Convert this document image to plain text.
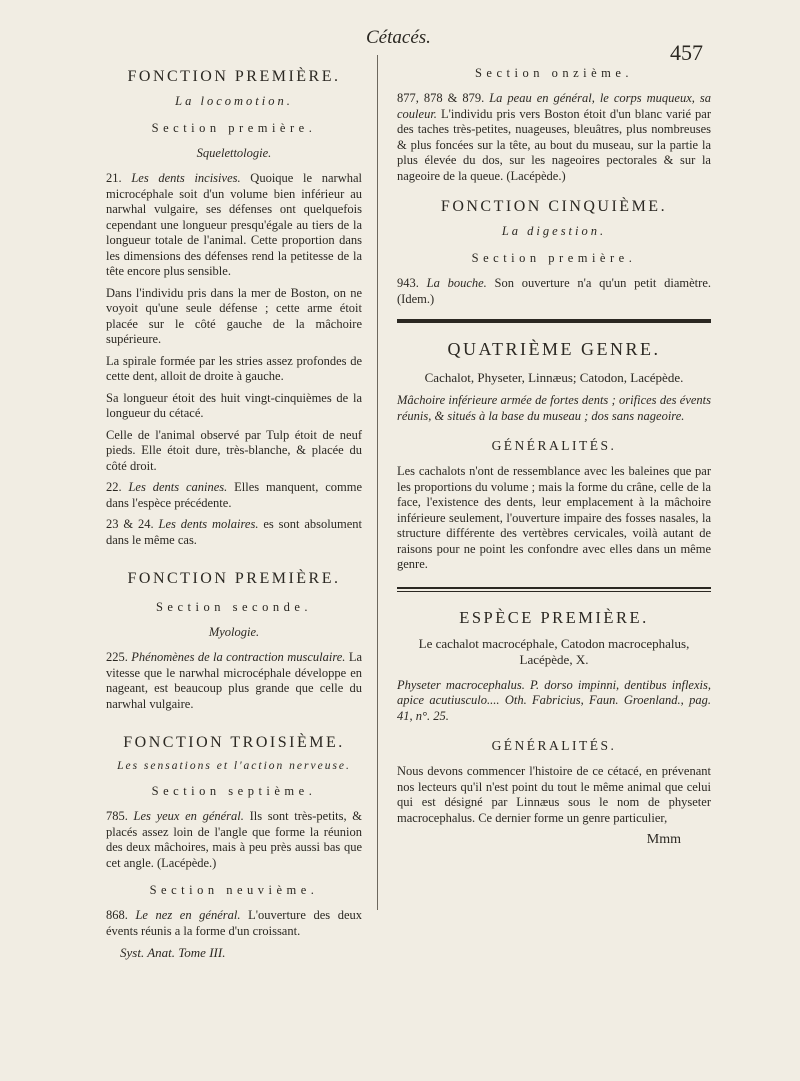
Cétacés.
457
FONCTION PREMIÈRE.
La locomotion.
Section première.
Squelettologie.

21. Les dents incisives. Quoique le narwhal microcéphale soit d'un volume bien inférieur au narwhal vulgaire, ses défenses ont quelquefois cependant une longueur presqu'égale au tiers de la longueur totale de l'animal. Cette proportion dans les dimensions des défenses rend la petitesse de la tête encore plus sensible.

Dans l'individu pris dans la mer de Boston, on ne voyoit qu'une seule défense ; cette arme étoit placée sur le côté gauche de la mâchoire supérieure.

La spirale formée par les stries assez profondes de cette dent, alloit de droite à gauche.

Sa longueur étoit des huit vingt-cinquièmes de la longueur du cétacé.

Celle de l'animal observé par Tulp étoit de neuf pieds. Elle étoit dure, très-blanche, & placée du côté droit.

22. Les dents canines. Elles manquent, comme dans l'espèce précédente.

23 & 24. Les dents molaires. es sont absolument dans le même cas.

FONCTION PREMIÈRE.
Section seconde.
Myologie.

225. Phénomènes de la contraction musculaire. La vitesse que le narwhal microcéphale développe en nageant, est beaucoup plus grande que celle du narwhal vulgaire.

FONCTION TROISIÈME.
Les sensations et l'action nerveuse.
Section septième.

785. Les yeux en général. Ils sont très-petits, & placés assez loin de l'angle que forme la réunion des deux mâchoires, mais à peu près aussi bas que cet angle. (Lacépède.)

Section neuvième.

868. Le nez en général. L'ouverture des deux évents réunis a la forme d'un croissant.

Syst. Anat. Tome III.
Section onzième.

877, 878 & 879. La peau en général, le corps muqueux, sa couleur. L'individu pris vers Boston étoit d'un blanc varié par des taches très-petites, nuageuses, bleuâtres, plus nombreuses & plus foncées sur la tête, au bout du museau, sur la partie la plus élevée du dos, sur les nageoires pectorales & sur la nageoire de la queue. (Lacépède.)

FONCTION CINQUIÈME.
La digestion.
Section première.

943. La bouche. Son ouverture n'a qu'un petit diamètre. (Idem.)

QUATRIÈME GENRE.
Cachalot, Physeter, Linnæus; Catodon, Lacépède.

Mâchoire inférieure armée de fortes dents ; orifices des évents réunis, & situés à la base du museau ; dos sans nageoire.

GÉNÉRALITÉS.

Les cachalots n'ont de ressemblance avec les baleines que par les proportions du volume ; mais la forme du crâne, celle de la face, l'existence des dents, leur emplacement à la mâchoire inférieure seulement, l'ouverture impaire des fosses nasales, la structure différente des vertèbres cervicales, voilà autant de raisons pour ne point les confondre avec elles dans un même genre.

ESPÈCE PREMIÈRE.
Le cachalot macrocéphale, Catodon macrocephalus, Lacépède, X.

Physeter macrocephalus. P. dorso impinni, dentibus inflexis, apice acutiusculo.... Oth. Fabricius, Faun. Groenland., pag. 41, n°. 25.

GÉNÉRALITÉS.

Nous devons commencer l'histoire de ce cétacé, en prévenant nos lecteurs qu'il n'est point du tout le même animal que celui qui est désigné par Linnæus sous le nom de physeter macrocephalus. Ce dernier forme un genre particulier,

Mmm
